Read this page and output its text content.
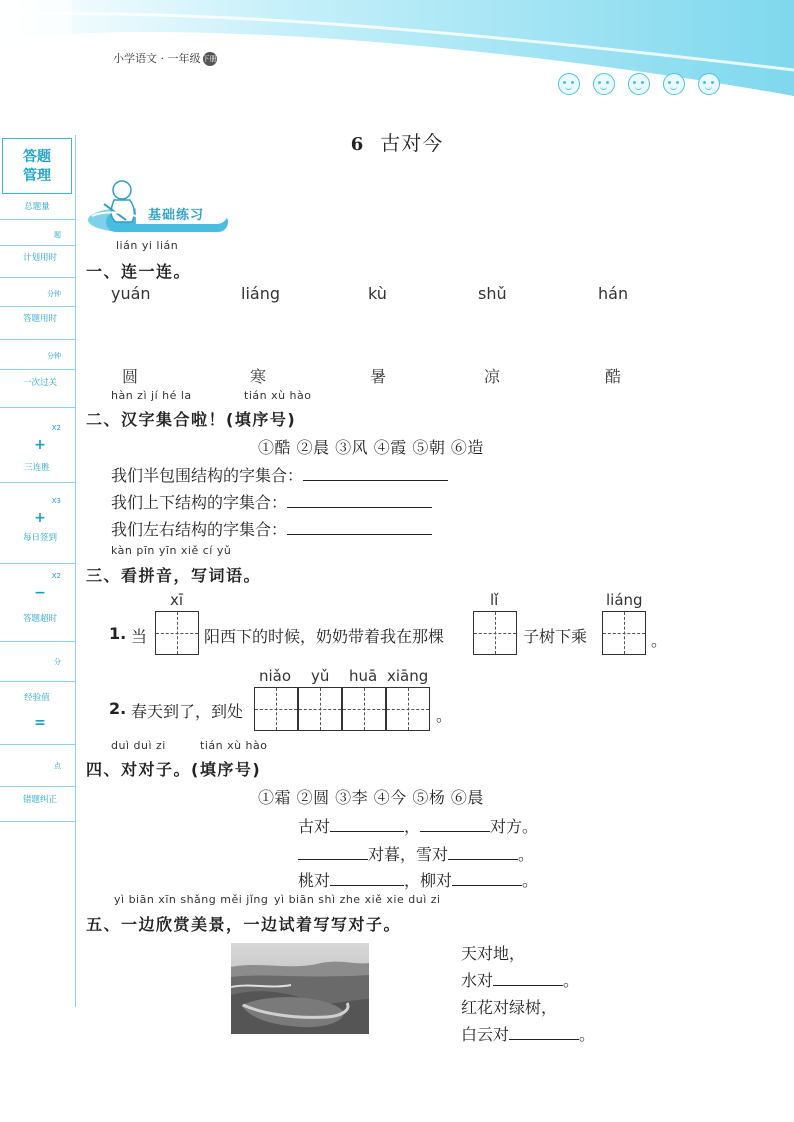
小学语文 · 一年级 下册
6 古对今
答题
管理
总题量
题
计划用时
分钟
答题用时
分钟
一次过关
X2
+
三连胜
X3
+
每日签到
X2
−
答题超时
分
经验值
=
点
错题纠正
基础练习
lián yi lián
一、连一连。
yuán	liáng	kù	shǔ	hán
圆	寒	暑	凉	酷
hàn zì jí hé la	tián xù hào
二、汉字集合啦！(填序号)
①酷 ②晨 ③风 ④霞 ⑤朝 ⑥造
我们半包围结构的字集合：
我们上下结构的字集合：
我们左右结构的字集合：
kàn pīn yīn xiě cí yǔ
三、看拼音，写词语。
xī	lǐ	liáng
1. 当	阳西下的时候，奶奶带着我在那棵	子树下乘	。
niǎo yǔ huā xiāng
2. 春天到了，到处	。
duì duì zi	tián xù hào
四、对对子。(填序号)
①霜 ②圆 ③李 ④今 ⑤杨 ⑥晨
古对	，	对方。
对暮，雪对	。
桃对	，柳对	。
yì biān xīn shǎng měi jǐng yì biān shì zhe xiě xie duì zi
五、一边欣赏美景，一边试着写写对子。
天对地，
水对	。
红花对绿树，
白云对	。
